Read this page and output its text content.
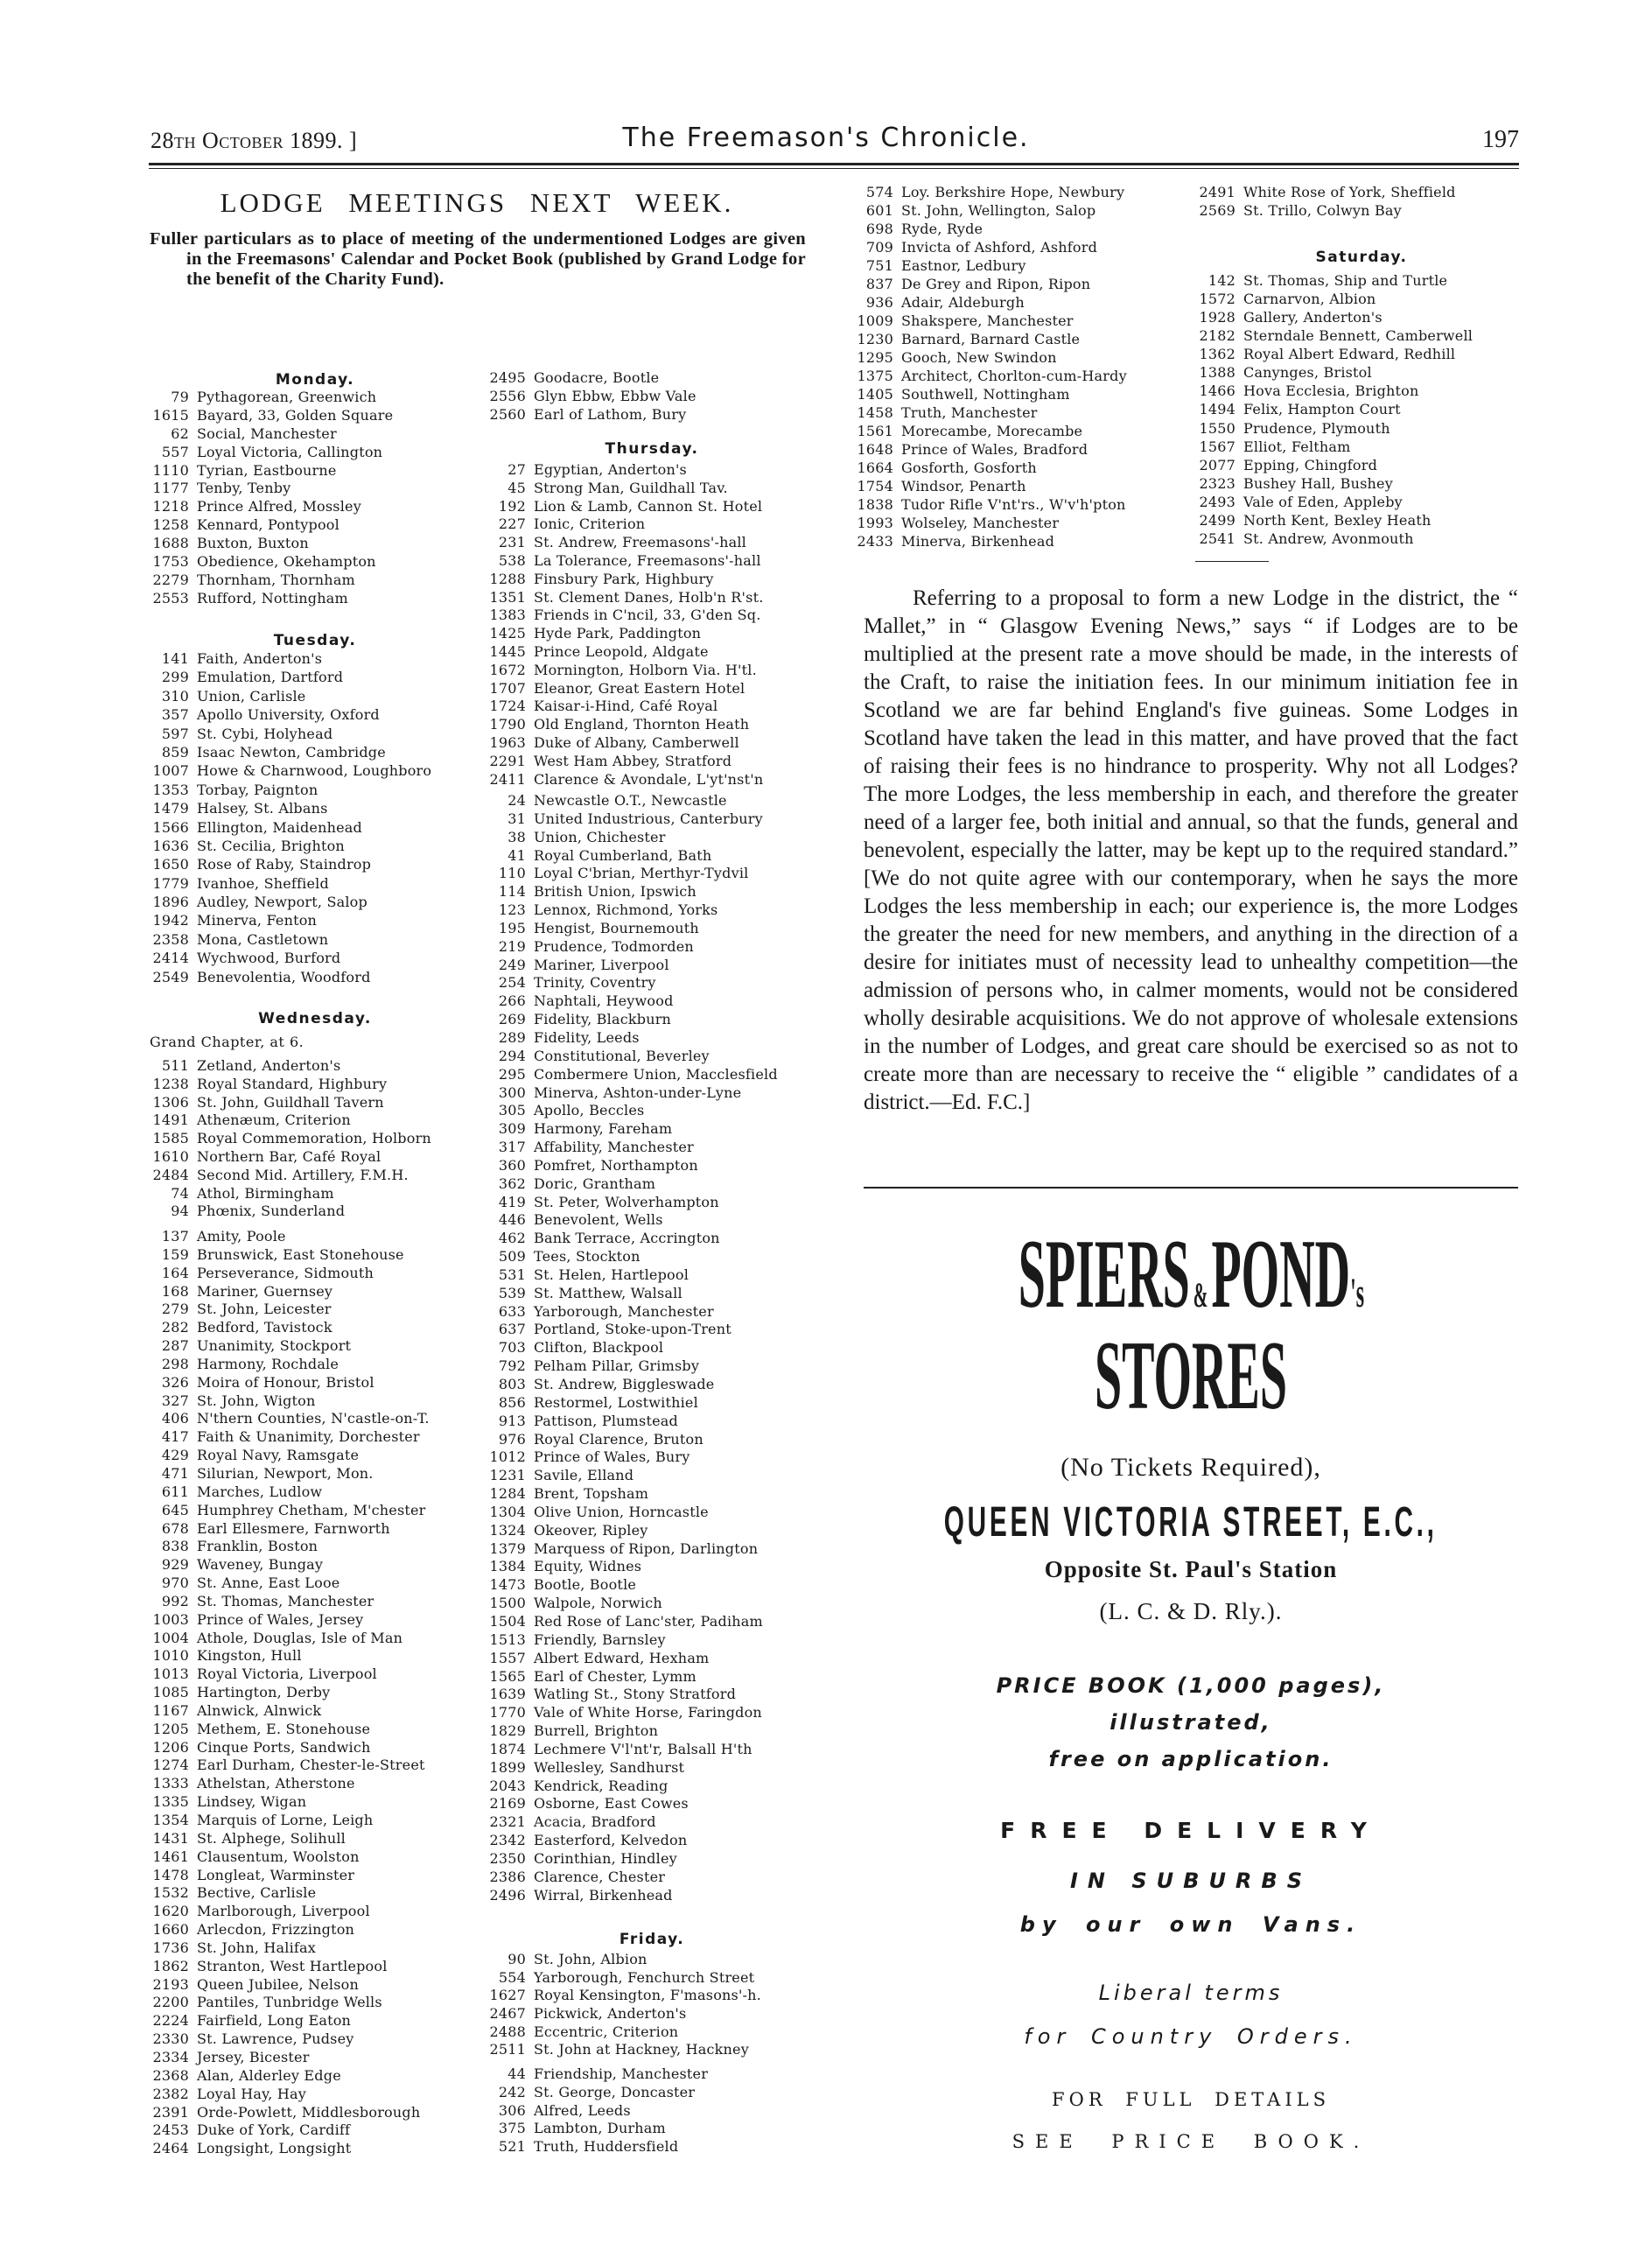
28th October 1899. ]	The Freemason's Chronicle.	197
LODGE MEETINGS NEXT WEEK.
Fuller particulars as to place of meeting of the undermentioned Lodges are given in the Freemasons' Calendar and Pocket Book (published by Grand Lodge for the benefit of the Charity Fund).
Monday.
79 Pythagorean, Greenwich
1615 Bayard, 33, Golden Square
62 Social, Manchester
557 Loyal Victoria, Callington
1110 Tyrian, Eastbourne
1177 Tenby, Tenby
1218 Prince Alfred, Mossley
1258 Kennard, Pontypool
1688 Buxton, Buxton
1753 Obedience, Okehampton
2279 Thornham, Thornham
2553 Rufford, Nottingham
Tuesday.
141 Faith, Anderton's
299 Emulation, Dartford
310 Union, Carlisle
357 Apollo University, Oxford
597 St. Cybi, Holyhead
859 Isaac Newton, Cambridge
1007 Howe & Charnwood, Loughboro
1353 Torbay, Paignton
1479 Halsey, St. Albans
1566 Ellington, Maidenhead
1636 St. Cecilia, Brighton
1650 Rose of Raby, Staindrop
1779 Ivanhoe, Sheffield
1896 Audley, Newport, Salop
1942 Minerva, Fenton
2358 Mona, Castletown
2414 Wychwood, Burford
2549 Benevolentia, Woodford
Wednesday.
Grand Chapter, at 6.
511 Zetland, Anderton's
1238 Royal Standard, Highbury
1306 St. John, Guildhall Tavern
1491 Athenæum, Criterion
1585 Royal Commemoration, Holborn
1610 Northern Bar, Café Royal
2484 Second Mid. Artillery, F.M.H.
74 Athol, Birmingham
94 Phœnix, Sunderland
137 Amity, Poole
159 Brunswick, East Stonehouse
164 Perseverance, Sidmouth
168 Mariner, Guernsey
279 St. John, Leicester
282 Bedford, Tavistock
287 Unanimity, Stockport
298 Harmony, Rochdale
326 Moira of Honour, Bristol
327 St. John, Wigton
406 N'thern Counties, N'castle-on-T.
417 Faith & Unanimity, Dorchester
429 Royal Navy, Ramsgate
471 Silurian, Newport, Mon.
611 Marches, Ludlow
645 Humphrey Chetham, M'chester
678 Earl Ellesmere, Farnworth
838 Franklin, Boston
929 Waveney, Bungay
970 St. Anne, East Looe
992 St. Thomas, Manchester
1003 Prince of Wales, Jersey
1004 Athole, Douglas, Isle of Man
1010 Kingston, Hull
1013 Royal Victoria, Liverpool
1085 Hartington, Derby
1167 Alnwick, Alnwick
1205 Methem, E. Stonehouse
1206 Cinque Ports, Sandwich
1274 Earl Durham, Chester-le-Street
1333 Athelstan, Atherstone
1335 Lindsey, Wigan
1354 Marquis of Lorne, Leigh
1431 St. Alphege, Solihull
1461 Clausentum, Woolston
1478 Longleat, Warminster
1532 Bective, Carlisle
1620 Marlborough, Liverpool
1660 Arlecdon, Frizzington
1736 St. John, Halifax
1862 Stranton, West Hartlepool
2193 Queen Jubilee, Nelson
2200 Pantiles, Tunbridge Wells
2224 Fairfield, Long Eaton
2330 St. Lawrence, Pudsey
2334 Jersey, Bicester
2368 Alan, Alderley Edge
2382 Loyal Hay, Hay
2391 Orde-Powlett, Middlesborough
2453 Duke of York, Cardiff
2464 Longsight, Longsight
2495 Goodacre, Bootle
2556 Glyn Ebbw, Ebbw Vale
2560 Earl of Lathom, Bury
Thursday.
27 Egyptian, Anderton's
45 Strong Man, Guildhall Tav.
192 Lion & Lamb, Cannon St. Hotel
227 Ionic, Criterion
231 St. Andrew, Freemasons'-hall
538 La Tolerance, Freemasons'-hall
1288 Finsbury Park, Highbury
1351 St. Clement Danes, Holb'n R'st.
1383 Friends in C'ncil, 33, G'den Sq.
1425 Hyde Park, Paddington
1445 Prince Leopold, Aldgate
1672 Mornington, Holborn Via. H'tl.
1707 Eleanor, Great Eastern Hotel
1724 Kaisar-i-Hind, Café Royal
1790 Old England, Thornton Heath
1963 Duke of Albany, Camberwell
2291 West Ham Abbey, Stratford
2411 Clarence & Avondale, L'yt'nst'n
24 Newcastle O.T., Newcastle
31 United Industrious, Canterbury
38 Union, Chichester
41 Royal Cumberland, Bath
110 Loyal C'brian, Merthyr-Tydvil
114 British Union, Ipswich
123 Lennox, Richmond, Yorks
195 Hengist, Bournemouth
219 Prudence, Todmorden
249 Mariner, Liverpool
254 Trinity, Coventry
266 Naphtali, Heywood
269 Fidelity, Blackburn
289 Fidelity, Leeds
294 Constitutional, Beverley
295 Combermere Union, Macclesfield
300 Minerva, Ashton-under-Lyne
305 Apollo, Beccles
309 Harmony, Fareham
317 Affability, Manchester
360 Pomfret, Northampton
362 Doric, Grantham
419 St. Peter, Wolverhampton
446 Benevolent, Wells
462 Bank Terrace, Accrington
509 Tees, Stockton
531 St. Helen, Hartlepool
539 St. Matthew, Walsall
633 Yarborough, Manchester
637 Portland, Stoke-upon-Trent
703 Clifton, Blackpool
792 Pelham Pillar, Grimsby
803 St. Andrew, Biggleswade
856 Restormel, Lostwithiel
913 Pattison, Plumstead
976 Royal Clarence, Bruton
1012 Prince of Wales, Bury
1231 Savile, Elland
1284 Brent, Topsham
1304 Olive Union, Horncastle
1324 Okeover, Ripley
1379 Marquess of Ripon, Darlington
1384 Equity, Widnes
1473 Bootle, Bootle
1500 Walpole, Norwich
1504 Red Rose of Lanc'ster, Padiham
1513 Friendly, Barnsley
1557 Albert Edward, Hexham
1565 Earl of Chester, Lymm
1639 Watling St., Stony Stratford
1770 Vale of White Horse, Faringdon
1829 Burrell, Brighton
1874 Lechmere V'l'nt'r, Balsall H'th
1899 Wellesley, Sandhurst
2043 Kendrick, Reading
2169 Osborne, East Cowes
2321 Acacia, Bradford
2342 Easterford, Kelvedon
2350 Corinthian, Hindley
2386 Clarence, Chester
2496 Wirral, Birkenhead
Friday.
90 St. John, Albion
554 Yarborough, Fenchurch Street
1627 Royal Kensington, F'masons'-h.
2467 Pickwick, Anderton's
2488 Eccentric, Criterion
2511 St. John at Hackney, Hackney
44 Friendship, Manchester
242 St. George, Doncaster
306 Alfred, Leeds
375 Lambton, Durham
521 Truth, Huddersfield
574 Loy. Berkshire Hope, Newbury
601 St. John, Wellington, Salop
698 Ryde, Ryde
709 Invicta of Ashford, Ashford
751 Eastnor, Ledbury
837 De Grey and Ripon, Ripon
936 Adair, Aldeburgh
1009 Shakspere, Manchester
1230 Barnard, Barnard Castle
1295 Gooch, New Swindon
1375 Architect, Chorlton-cum-Hardy
1405 Southwell, Nottingham
1458 Truth, Manchester
1561 Morecambe, Morecambe
1648 Prince of Wales, Bradford
1664 Gosforth, Gosforth
1754 Windsor, Penarth
1838 Tudor Rifle V'nt'rs., W'v'h'pton
1993 Wolseley, Manchester
2433 Minerva, Birkenhead
2491 White Rose of York, Sheffield
2569 St. Trillo, Colwyn Bay
Saturday.
142 St. Thomas, Ship and Turtle
1572 Carnarvon, Albion
1928 Gallery, Anderton's
2182 Sterndale Bennett, Camberwell
1362 Royal Albert Edward, Redhill
1388 Canynges, Bristol
1466 Hova Ecclesia, Brighton
1494 Felix, Hampton Court
1550 Prudence, Plymouth
1567 Elliot, Feltham
2077 Epping, Chingford
2323 Bushey Hall, Bushey
2493 Vale of Eden, Appleby
2499 North Kent, Bexley Heath
2541 St. Andrew, Avonmouth
Referring to a proposal to form a new Lodge in the district, the “ Mallet,” in “ Glasgow Evening News,” says “ if Lodges are to be multiplied at the present rate a move should be made, in the interests of the Craft, to raise the initiation fees. In our minimum initiation fee in Scotland we are far behind England's five guineas. Some Lodges in Scotland have taken the lead in this matter, and have proved that the fact of raising their fees is no hindrance to prosperity. Why not all Lodges? The more Lodges, the less membership in each, and therefore the greater need of a larger fee, both initial and annual, so that the funds, general and benevolent, especially the latter, may be kept up to the required standard.” [We do not quite agree with our contemporary, when he says the more Lodges the less membership in each; our experience is, the more Lodges the greater the need for new members, and anything in the direction of a desire for initiates must of necessity lead to unhealthy competition—the admission of persons who, in calmer moments, would not be considered wholly desirable acquisitions. We do not approve of wholesale extensions in the number of Lodges, and great care should be exercised so as not to create more than are necessary to receive the “ eligible ” candidates of a district.—Ed. F.C.]
SPIERS &POND's
STORES
(No Tickets Required),
QUEEN VICTORIA STREET, E.C.,
Opposite St. Paul's Station
(L. C. & D. Rly.).
PRICE BOOK (1,000 pages),
illustrated,
free on application.
FREE DELIVERY
IN SUBURBS
by our own Vans.
Liberal terms
for Country Orders.
FOR FULL DETAILS
SEE PRICE BOOK.
